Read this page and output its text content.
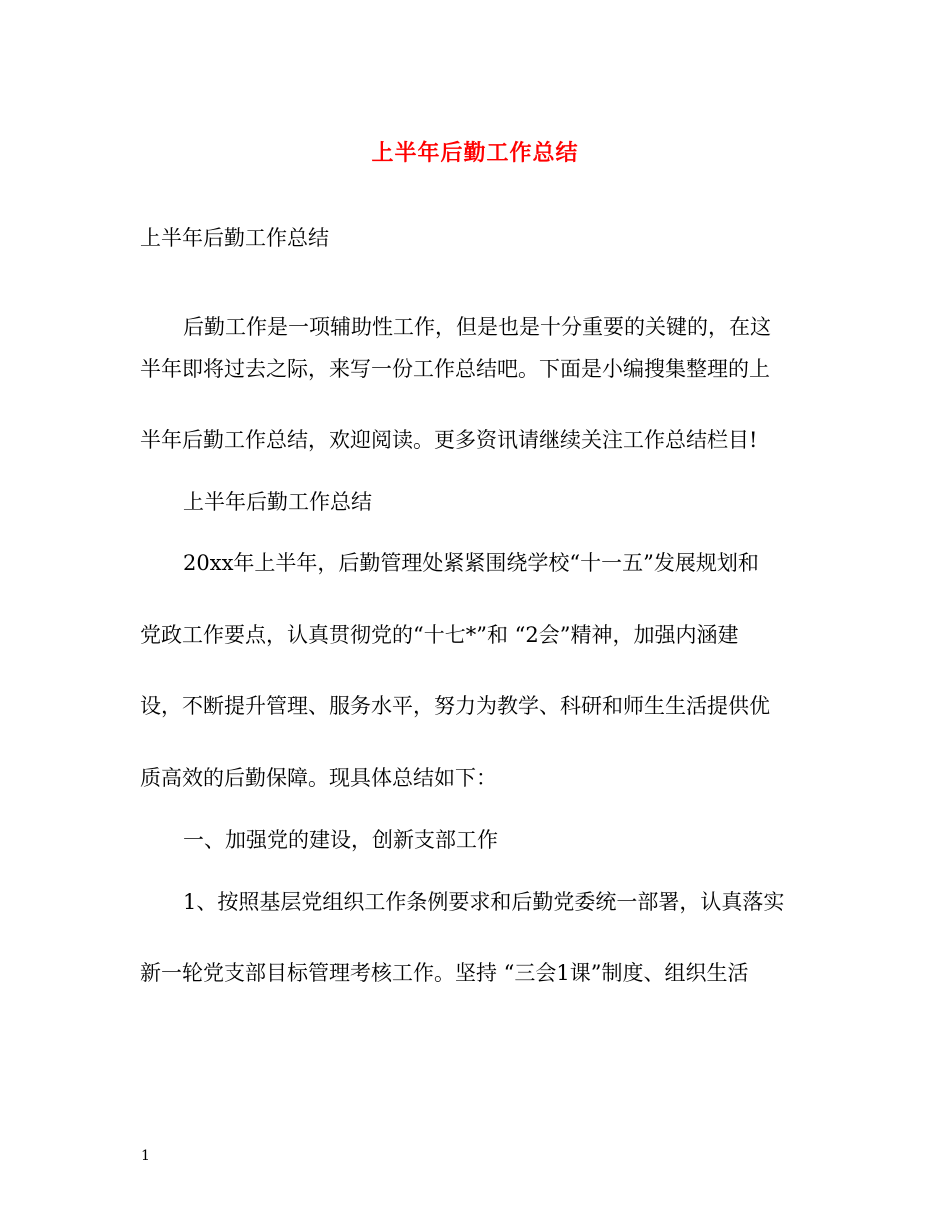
上半年后勤工作总结
上半年后勤工作总结
后勤工作是一项辅助性工作，但是也是十分重要的关键的，在这
半年即将过去之际，来写一份工作总结吧。下面是小编搜集整理的上
半年后勤工作总结，欢迎阅读。更多资讯请继续关注工作总结栏目!
上半年后勤工作总结
20xx年上半年，后勤管理处紧紧围绕学校“十一五”发展规划和
党政工作要点，认真贯彻党的“十七*”和 “2会”精神，加强内涵建
设，不断提升管理、服务水平，努力为教学、科研和师生生活提供优
质高效的后勤保障。现具体总结如下：
一、加强党的建设，创新支部工作
1、按照基层党组织工作条例要求和后勤党委统一部署，认真落实
新一轮党支部目标管理考核工作。坚持 “三会1课”制度、组织生活
1
